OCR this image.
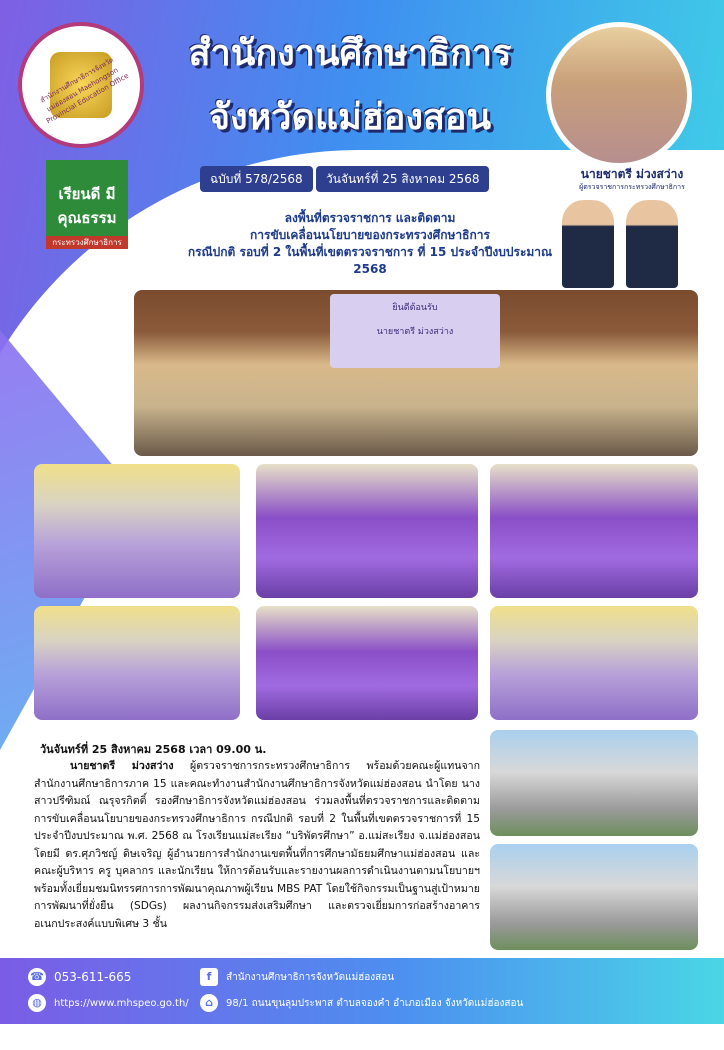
สำนักงานศึกษาธิการจังหวัดแม่ฮ่องสอน Maehongson Provincial Education Office
สำนักงานศึกษาธิการ
จังหวัดแม่ฮ่องสอน
ฉบับที่ 578/2568	วันจันทร์ที่ 25 สิงหาคม 2568	นายชาตรี ม่วงสว่าง
ผู้ตรวจราชการกระทรวงศึกษาธิการ
เรียนดี มีคุณธรรม
กระทรวงศึกษาธิการ
ลงพื้นที่ตรวจราชการ และติดตาม
การขับเคลื่อนนโยบายของกระทรวงศึกษาธิการ
กรณีปกติ รอบที่ 2 ในพื้นที่เขตตรวจราชการ ที่ 15 ประจำปีงบประมาณ 2568
ยินดีต้อนรับ
นายชาตรี ม่วงสว่าง
วันจันทร์ที่ 25 สิงหาคม 2568 เวลา 09.00 น.
นายชาตรี ม่วงสว่าง ผู้ตรวจราชการกระทรวงศึกษาธิการ พร้อมด้วยคณะผู้แทนจากสำนักงานศึกษาธิการภาค 15 และคณะทำงานสำนักงานศึกษาธิการจังหวัดแม่ฮ่องสอน นำโดย นางสาวปรีฑิมณ์ ณรุจรกิตติ์ รองศึกษาธิการจังหวัดแม่ฮ่องสอน ร่วมลงพื้นที่ตรวจราชการและติดตามการขับเคลื่อนนโยบายของกระทรวงศึกษาธิการ กรณีปกติ รอบที่ 2 ในพื้นที่เขตตรวจราชการที่ 15 ประจำปีงบประมาณ พ.ศ. 2568 ณ โรงเรียนแม่สะเรียง “บริพัตรศึกษา” อ.แม่สะเรียง จ.แม่ฮ่องสอน โดยมี ดร.ศุภวิชญ์ ดิษเจริญ ผู้อำนวยการสำนักงานเขตพื้นที่การศึกษามัธยมศึกษาแม่ฮ่องสอน และคณะผู้บริหาร ครู บุคลากร และนักเรียน ให้การต้อนรับและรายงานผลการดำเนินงานตามนโยบายฯ พร้อมทั้งเยี่ยมชมนิทรรศการการพัฒนาคุณภาพผู้เรียน MBS PAT โดยใช้กิจกรรมเป็นฐานสู่เป้าหมายการพัฒนาที่ยั่งยืน (SDGs) ผลงานกิจกรรมส่งเสริมศึกษา และตรวจเยี่ยมการก่อสร้างอาคารอเนกประสงค์แบบพิเศษ 3 ชั้น
☎ 053-611-665
◍	https://www.mhspeo.go.th/
f	สำนักงานศึกษาธิการจังหวัดแม่ฮ่องสอน
⌂	98/1 ถนนขุนลุมประพาส ตำบลจองคำ อำเภอเมือง จังหวัดแม่ฮ่องสอน
